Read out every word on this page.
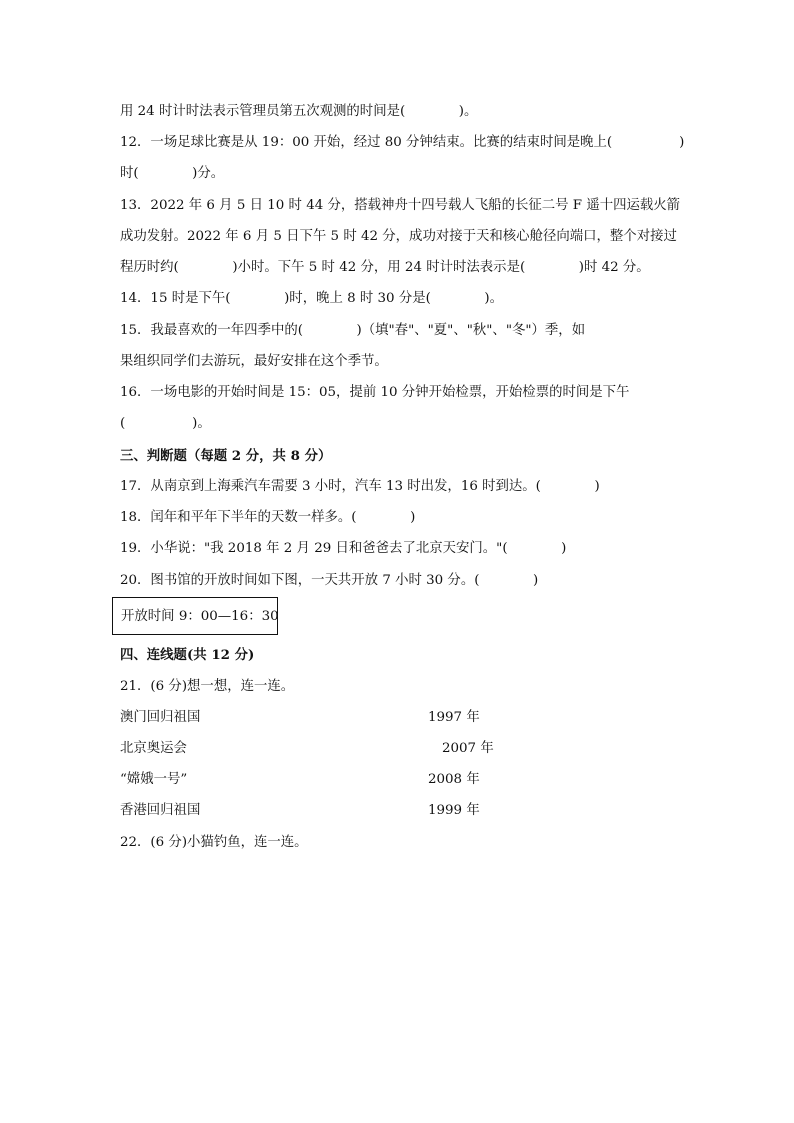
用 24 时计时法表示管理员第五次观测的时间是(　　　　)。
12．一场足球比赛是从 19：00 开始，经过 80 分钟结束。比赛的结束时间是晚上(　　　　　)
时(　　　　)分。
13．2022 年 6 月 5 日 10 时 44 分，搭载神舟十四号载人飞船的长征二号 F 遥十四运载火箭
成功发射。2022 年 6 月 5 日下午 5 时 42 分，成功对接于天和核心舱径向端口，整个对接过
程历时约(　　　　)小时。下午 5 时 42 分，用 24 时计时法表示是(　　　　)时 42 分。
14．15 时是下午(　　　　)时，晚上 8 时 30 分是(　　　　)。
15．我最喜欢的一年四季中的(　　　　)（填"春"、"夏"、"秋"、"冬"）季，如
果组织同学们去游玩，最好安排在这个季节。
16．一场电影的开始时间是 15：05，提前 10 分钟开始检票，开始检票的时间是下午
(　　　　　)。
三、判断题（每题 2 分，共 8 分）
17．从南京到上海乘汽车需要 3 小时，汽车 13 时出发，16 时到达。(　　　　)
18．闰年和平年下半年的天数一样多。(　　　　)
19．小华说："我 2018 年 2 月 29 日和爸爸去了北京天安门。"(　　　　)
20．图书馆的开放时间如下图，一天共开放 7 小时 30 分。(　　　　)
开放时间 9：00—16：30
四、连线题(共 12 分)
21．(6 分)想一想，连一连。
澳门回归祖国	1997 年
北京奥运会	2007 年
“嫦娥一号”	2008 年
香港回归祖国	1999 年
22．(6 分)小猫钓鱼，连一连。
